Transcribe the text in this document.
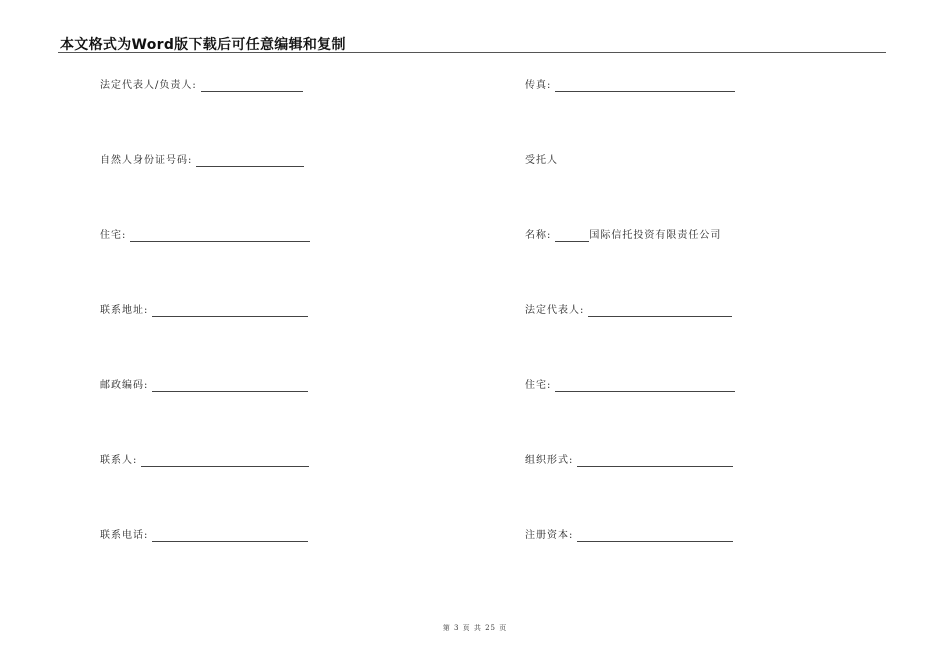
本文格式为Word版下载后可任意编辑和复制
法定代表人/负责人:
自然人身份证号码:
住宅:
联系地址:
邮政编码:
联系人:
联系电话:
传真:
受托人
名称:	国际信托投资有限责任公司
法定代表人:
住宅:
组织形式:
注册资本:
第 3 页 共 25 页
